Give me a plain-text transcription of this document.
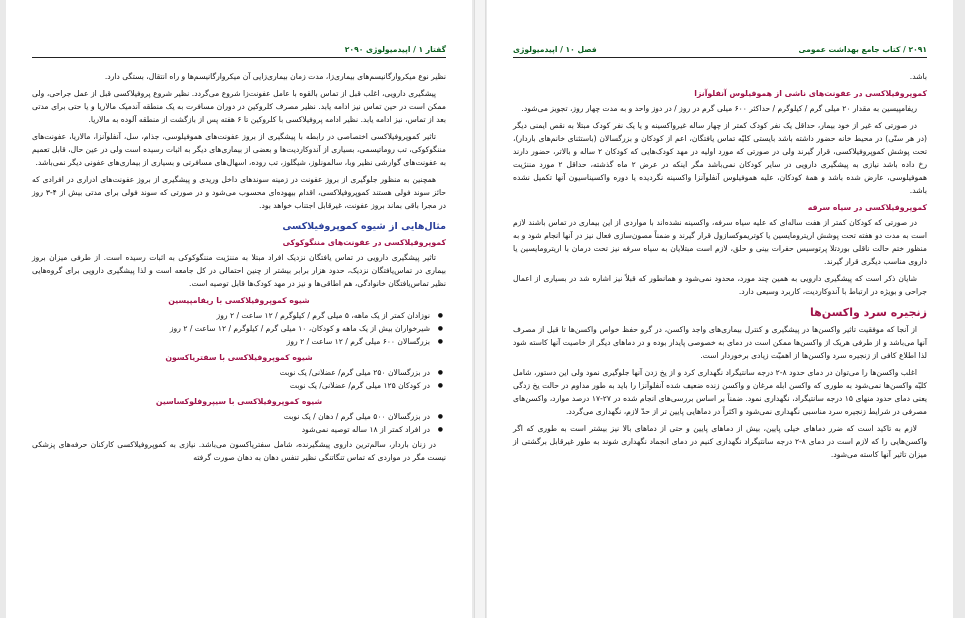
گفتار ۱ / اپیدمیولوژی ۲۰۹۰

نظیر نوع میکروارگانیسم‌های بیماری‌زا، مدت زمان بیماری‌زایی آن میکروارگانیسم‌ها و راه انتقال، بستگی دارد.

پیشگیری دارویی، اغلب قبل از تماس بالقوه با عامل عفونت‌زا شروع می‌گردد. نظیر شروع پروفیلاکسی قبل از عمل جراحی، ولی ممکن است در حین تماس نیز ادامه یابد. نظیر مصرف کلروکین در دوران مسافرت به یک منطقه آندمیک مالاریا و یا حتی برای مدتی بعد از تماس، نیز ادامه یابد. نظیر ادامه پروفیلاکسی با کلروکین تا ۶ هفته پس از بازگشت از منطقه آلوده به مالاریا.

تاثیر کموپروفیلاکسی اختصاصی در رابطه با پیشگیری از بروز عفونت‌های هموفیلوسی، جذام، سل، آنفلوآنزا، مالاریا، عفونت‌های مننگوکوکی، تب روماتیسمی، بسیاری از آندوکاردیت‌ها و بعضی از بیماری‌های دیگر به اثبات رسیده است ولی در عین حال، قابل تعمیم به عفونت‌های گوارشی نظیر وبا، سالمونلوز، شیگلوز، تب روده، اسهال‌های مسافرتی و بسیاری از بیماری‌های عفونی دیگر نمی‌باشد.

همچنین به منظور جلوگیری از بروز عفونت در زمینه سوندهای داخل وریدی و پیشگیری از بروز عفونت‌های ادراری در افرادی که حائز سوند فولی هستند کموپروفیلاکسی، اقدام بیهوده‌ای محسوب می‌شود و در صورتی که سوند فولی برای مدتی بیش از ۴-۳ روز در مجرا باقی بماند بروز عفونت، غیرقابل اجتناب خواهد بود.

مثال‌هایی از شیوه کموپروفیلاکسی
کموپروفیلاکسی در عفونت‌های مننگوکوکی

تاثیر پیشگیری دارویی در تماس یافتگان نزدیک افراد مبتلا به مننژیت مننگوکوکی به اثبات رسیده است. از طرفی میزان بروز بیماری در تماس‌یافتگان نزدیک، حدود هزار برابر بیشتر از چنین احتمالی در کل جامعه است و لذا پیشگیری دارویی برای گروه‌هایی نظیر تماس‌یافتگان خانوادگی، هم اطاقی‌ها و نیز در مهد کودک‌ها قابل توصیه است.

شیوه کموپروفیلاکسی با ریفامپیسین
● نوزادان کمتر از یک ماهه، ۵ میلی گرم / کیلوگرم / ۱۲ ساعت / ۲ روز
● شیرخواران بیش از یک ماهه و کودکان، ۱۰ میلی گرم / کیلوگرم / ۱۲ ساعت / ۲ روز
● بزرگسالان ۶۰۰ میلی گرم / ۱۲ ساعت / ۲ روز
شیوه کموپروفیلاکسی با سفتریاکسون
● در بزرگسالان ۲۵۰ میلی گرم/ عضلانی/ یک نوبت
● در کودکان ۱۲۵ میلی گرم/ عضلانی/ یک نوبت
شیوه کموپروفیلاکسی با سیپروفلوکساسین
● در بزرگسالان ۵۰۰ میلی گرم / دهان / یک نوبت
● در افراد کمتر از ۱۸ ساله توصیه نمی‌شود

در زنان باردار، سالم‌ترین داروی پیشگیرنده، شامل سفتریاکسون می‌باشد. نیازی به کموپروفیلاکسی کارکنان حرفه‌های پزشکی نیست مگر در مواردی که تماس تنگاتنگی نظیر تنفس دهان به دهان صورت گرفته

۲۰۹۱ / کتاب جامع بهداشت عمومی
فصل ۱۰ / اپیدمیولوژی

باشد.

کموپروفیلاکسی در عفونت‌های ناشی از هموفیلوس آنفلوآنزا

ریفامپیسین به مقدار ۲۰ میلی گرم / کیلوگرم / حداکثر ۶۰۰ میلی گرم در روز / در دوز واحد و به مدت چهار روز، تجویز می‌شود.

در صورتی که غیر از خود بیمار، حداقل یک نفر کودک کمتر از چهار ساله غیرواکسینه و یا یک نفر کودک مبتلا به نقص ایمنی دیگر (در هر سنّی) در محیط خانه حضور داشته باشد بایستی کلیّه تماس یافتگان، اعم از کودکان و بزرگسالان (باستثنای خانم‌های باردار)، تحت پوشش کموپروفیلاکسی، قرار گیرند ولی در صورتی که مورد اولیه در مهد کودک‌هایی که کودکان ۲ ساله و بالاتر، حضور دارند رخ داده باشد نیازی به پیشگیری دارویی در سایر کودکان نمی‌باشد مگر اینکه در عرض ۲ ماه گذشته، حداقل ۲ مورد مننژیت هموفیلوسی، عارض شده باشد و همهٔ کودکان، علیه هموفیلوس آنفلوآنزا واکسینه نگردیده یا دوره واکسیناسیون آنها تکمیل نشده باشد.

کموپروفیلاکسی در سیاه سرفه

در صورتی که کودکان کمتر از هفت ساله‌ای که علیه سیاه سرفه، واکسینه نشده‌اند با مواردی از این بیماری در تماس باشند لازم است به مدت دو هفته تحت پوشش اریترومایسین یا کوتریموکسازول قرار گیرند و ضمناً مصون‌سازی فعال نیز در آنها انجام شود و به منظور ختم حالت ناقلی بوردتلا پرتوسیس حفرات بینی و حلق، لازم است مبتلایان به سیاه سرفه نیز تحت درمان با اریترومایسین یا داروی مناسب دیگری قرار گیرند.

شایان ذکر است که پیشگیری دارویی به همین چند مورد، محدود نمی‌شود و همانطور که قبلاً نیز اشاره شد در بسیاری از اعمال جراحی و بویژه در ارتباط با آندوکاردیت، کاربرد وسیعی دارد.

زنجیره سرد واکسن‌ها

از آنجا که موفقیت تاثیر واکسن‌ها در پیشگیری و کنترل بیماری‌های واجد واکسن، در گرو حفظ خواص واکسن‌ها تا قبل از مصرف آنها می‌باشد و از طرفی هریک از واکسن‌ها ممکن است در دمای به خصوصی پایدار بوده و در دماهای دیگر از خاصیت آنها کاسته شود لذا اطلاع کافی از زنجیره سرد واکسن‌ها از اهمیّت زیادی برخوردار است.

اغلب واکسن‌ها را می‌توان در دمای حدود ۸-۲ درجه سانتیگراد نگهداری کرد و از یخ زدن آنها جلوگیری نمود ولی این دستور، شامل کلیّه واکسن‌ها نمی‌شود به طوری که واکسن ابله مرغان و واکسن زنده ضعیف شده آنفلوآنزا را باید به طور مداوم در حالت یخ زدگی یعنی دمای حدود منهای ۱۵ درجه سانتیگراد، نگهداری نمود. ضمناً بر اساس بررسی‌های انجام شده در ۲۷-۱۷ درصد موارد، واکسن‌های مصرفی در شرایط زنجیره سرد مناسبی نگهداری نمی‌شود و اکثراً در دماهایی پایین تر از حدّ لازم، نگهداری می‌گردد.

لازم به تاکید است که ضرر دماهای خیلی پایین، بیش از دماهای پایین و حتی از دماهای بالا نیز بیشتر است به طوری که اگر واکسن‌هایی را که لازم است در دمای ۸-۲ درجه سانتیگراد نگهداری کنیم در دمای انجماد نگهداری شوند به طور غیرقابل برگشتی از میزان تاثیر آنها کاسته می‌شود.
